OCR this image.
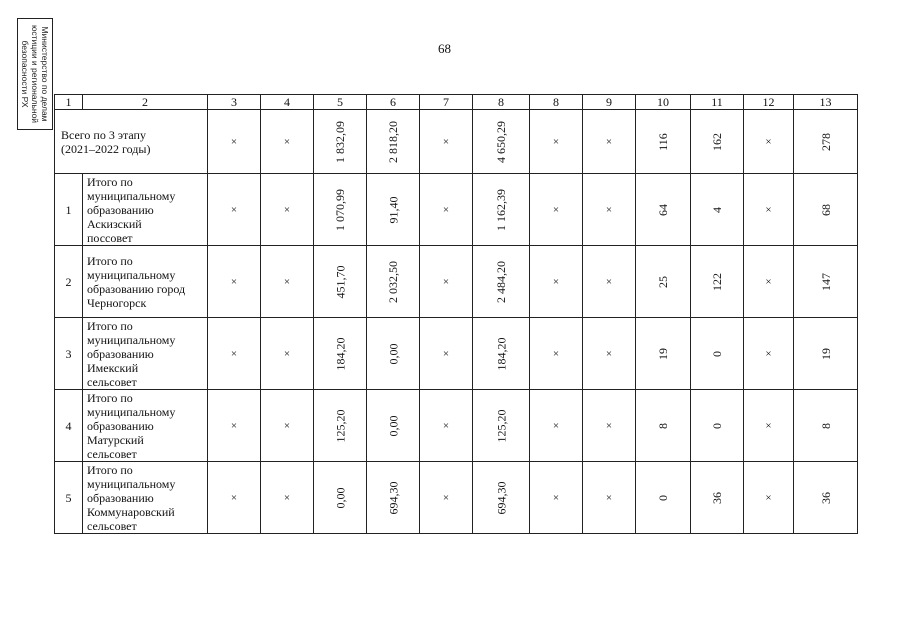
Министерство по делам
юстиции и региональной
безопасности РХ	68
1	2	3	4	5	6	7	8	8	9	10	11	12	13
Всего по 3 этапу
(2021–2022 годы)		×	×	1 832,09	2 818,20	×	4 650,29	×	×	116	162	×	278
1	Итого по
муниципальному
образованию
Аскизский
поссовет	×	×	1 070,99	91,40	×	1 162,39	×	×	64	4	×	68
2	Итого по
муниципальному
образованию город
Черногорск	×	×	451,70	2 032,50	×	2 484,20	×	×	25	122	×	147
3	Итого по
муниципальному
образованию
Имекский
сельсовет	×	×	184,20	0,00	×	184,20	×	×	19	0	×	19
4	Итого по
муниципальному
образованию
Матурский
сельсовет	×	×	125,20	0,00	×	125,20	×	×	8	0	×	8
5	Итого по
муниципальному
образованию
Коммунаровский
сельсовет	×	×	0,00	694,30	×	694,30	×	×	0	36	×	36
